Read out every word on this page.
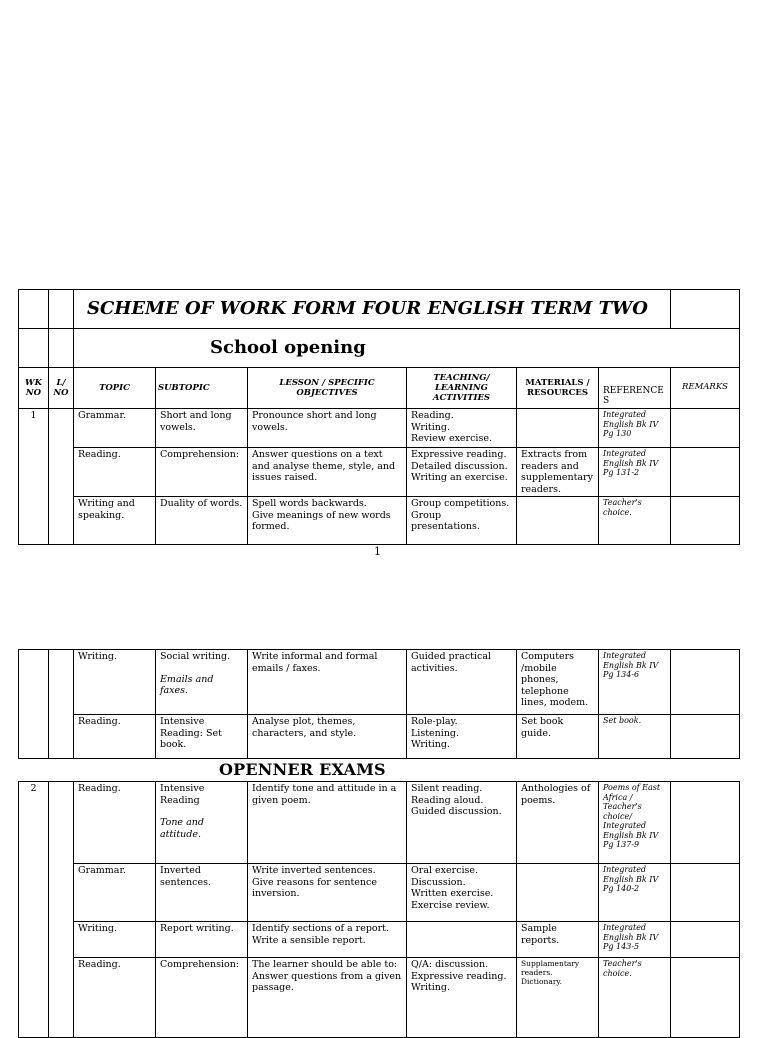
		SCHEME OF WORK FORM FOUR ENGLISH TERM TWO						
		School opening						
WK NO	L/ NO	TOPIC	SUBTOPIC	LESSON / SPECIFIC OBJECTIVES	TEACHING/ LEARNING ACTIVITIES	MATERIALS / RESOURCES	REFERENCE S	REMARKS
1		Grammar.	Short and long vowels.	Pronounce short and long vowels.	Reading.
Writing.
Review exercise.		Integrated English Bk IV Pg 130	
		Reading.	Comprehension:	Answer questions on a text and analyse theme, style, and issues raised.	Expressive reading.
Detailed discussion.
Writing an exercise.	Extracts from readers and supplementary readers.	Integrated English Bk IV Pg 131-2	
		Writing and speaking.	Duality of words.	Spell words backwards.
Give meanings of new words formed.	Group competitions.
Group presentations.		Teacher's choice.	
1
		Writing.	Social writing.
Emails and faxes.	Write informal and formal emails / faxes.	Guided practical activities.	Computers /mobile phones, telephone lines, modem.	Integrated English Bk IV Pg 134-6	
		Reading.	Intensive Reading: Set book.	Analyse plot, themes, characters, and style.	Role-play.
Listening.
Writing.	Set book guide.	Set book.	
OPENNER EXAMS
2		Reading.	Intensive Reading
Tone and attitude.	Identify tone and attitude in a given poem.	Silent reading.
Reading aloud.
Guided discussion.	Anthologies of poems.	Poems of East Africa / Teacher's choice/ Integrated English Bk IV Pg 137-9	
		Grammar.	Inverted sentences.	Write inverted sentences.
Give reasons for sentence inversion.	Oral exercise.
Discussion.
Written exercise.
Exercise review.		Integrated English Bk IV Pg 140-2	
		Writing.	Report writing.	Identify sections of a report.
Write a sensible report.		Sample reports.	Integrated English Bk IV Pg 143-5	
		Reading.	Comprehension:	The learner should be able to:
Answer questions from a given passage.	Q/A: discussion.
Expressive reading.
Writing.	Supplamentary readers. Dictionary.	Teacher's choice.	
